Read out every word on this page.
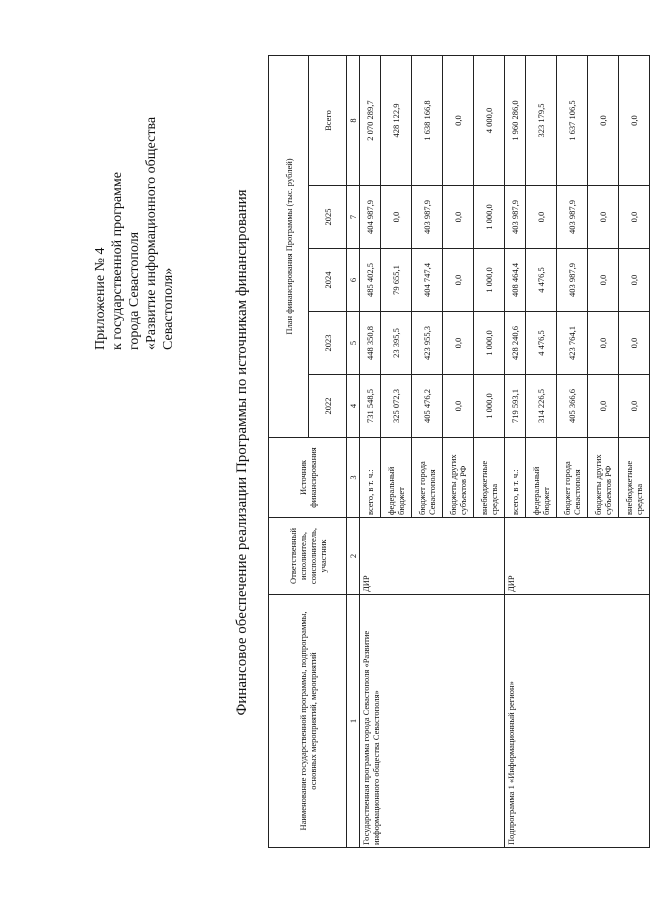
Приложение № 4 к государственной программе города Севастополя «Развитие информационного общества Севастополя»	Финансовое обеспечение реализации Программы по источникам финансирования
Наименование государственной программы, подпрограммы, основных мероприятий, мероприятий	Ответственный исполнитель, соисполнитель, участник	Источник финансирования	План финансирования Программы (тыс. рублей)				
			2022	2023	2024	2025	Всего
1	2	3	4	5	6	7	8
Государственная программа города Севастополя «Развитие информационного общества Севастополя»	ДИР	всего, в т. ч.:	731 548,5	448 350,8	485 402,5	404 987,9	2 070 289,7
		федеральный бюджет	325 072,3	23 395,5	79 655,1	0,0	428 122,9
		бюджет города Севастополя	405 476,2	423 955,3	404 747,4	403 987,9	1 638 166,8
		бюджеты других субъектов РФ	0,0	0,0	0,0	0,0	0,0
		внебюджетные средства	1 000,0	1 000,0	1 000,0	1 000,0	4 000,0
Подпрограмма 1 «Информационный регион»	ДИР	всего, в т. ч.:	719 593,1	428 240,6	408 464,4	403 987,9	1 960 286,0
		федеральный бюджет	314 226,5	4 476,5	4 476,5	0,0	323 179,5
		бюджет города Севастополя	405 366,6	423 764,1	403 987,9	403 987,9	1 637 106,5
		бюджеты других субъектов РФ	0,0	0,0	0,0	0,0	0,0
		внебюджетные средства	0,0	0,0	0,0	0,0	0,0
